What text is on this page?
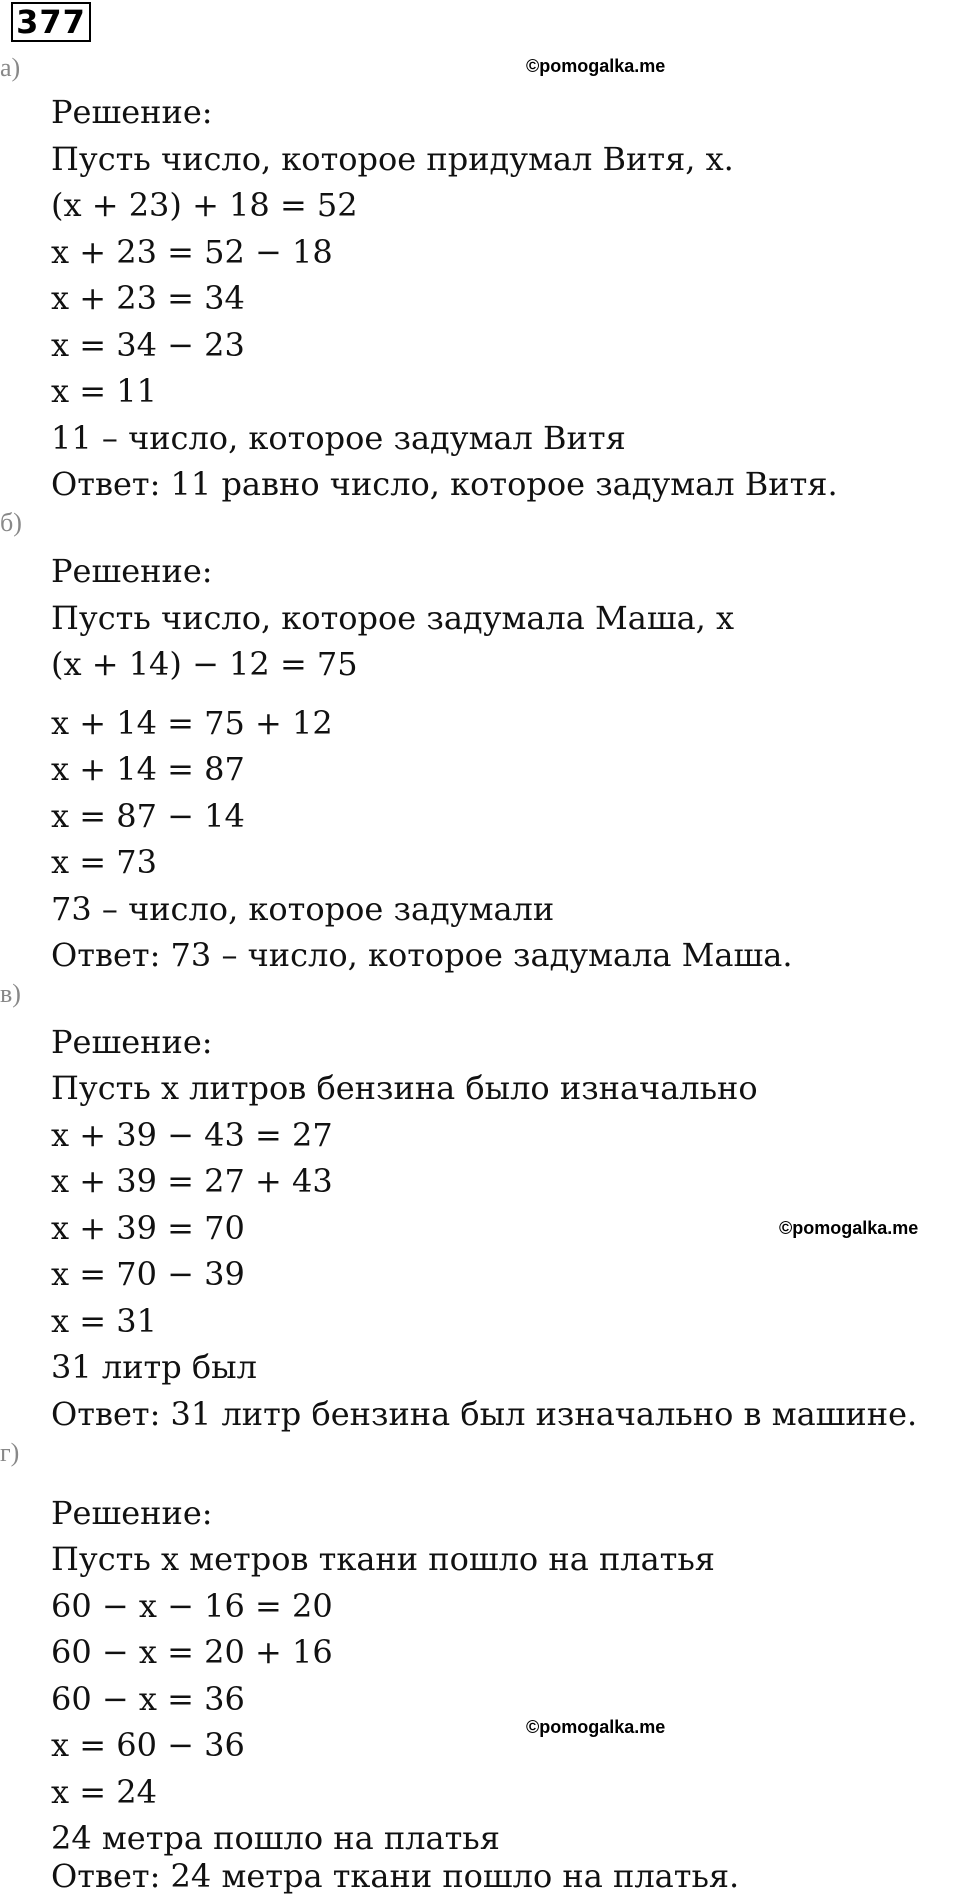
377
©pomogalka.me
©pomogalka.me
©pomogalka.me
а)
Решение:
Пусть число, которое придумал Витя, x.
(x + 23) + 18 = 52
x + 23 = 52 − 18
x + 23 = 34
x = 34 − 23
x = 11
11 – число, которое задумал Витя
Ответ: 11 равно число, которое задумал Витя.
б)
Решение:
Пусть число, которое задумала Маша, x
(x + 14) − 12 = 75
x + 14 = 75 + 12
x + 14 = 87
x = 87 − 14
x = 73
73 – число, которое задумали
Ответ: 73 – число, которое задумала Маша.
в)
Решение:
Пусть x литров бензина было изначально
x + 39 − 43 = 27
x + 39 = 27 + 43
x + 39 = 70
x = 70 − 39
x = 31
31 литр был
Ответ: 31 литр бензина был изначально в машине.
г)
Решение:
Пусть x метров ткани пошло на платья
60 − x − 16 = 20
60 − x = 20 + 16
60 − x = 36
x = 60 − 36
x = 24
24 метра пошло на платья
Ответ: 24 метра ткани пошло на платья.
